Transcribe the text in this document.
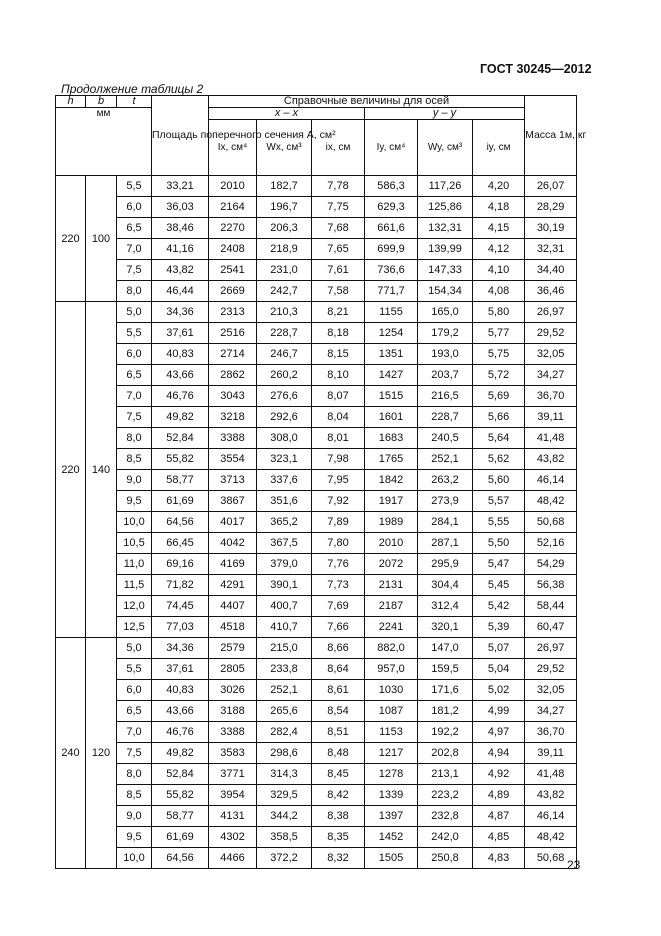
ГОСТ 30245—2012
Продолжение таблицы 2
h	b	t	Площадь поперечного сечения А, см²	Справочные величины для осей						Масса 1м, кг
мм				х – х			у – у			
				Ix, см⁴	Wx, см³	ix, см	Iy, см⁴	Wy, см³	iy, см	
220	100	5,5	33,21	2010	182,7	7,78	586,3	117,26	4,20	26,07
		6,0	36,03	2164	196,7	7,75	629,3	125,86	4,18	28,29
		6,5	38,46	2270	206,3	7,68	661,6	132,31	4,15	30,19
		7,0	41,16	2408	218,9	7,65	699,9	139,99	4,12	32,31
		7,5	43,82	2541	231,0	7,61	736,6	147,33	4,10	34,40
		8,0	46,44	2669	242,7	7,58	771,7	154,34	4,08	36,46
220	140	5,0	34,36	2313	210,3	8,21	1155	165,0	5,80	26,97
		5,5	37,61	2516	228,7	8,18	1254	179,2	5,77	29,52
		6,0	40,83	2714	246,7	8,15	1351	193,0	5,75	32,05
		6,5	43,66	2862	260,2	8,10	1427	203,7	5,72	34,27
		7,0	46,76	3043	276,6	8,07	1515	216,5	5,69	36,70
		7,5	49,82	3218	292,6	8,04	1601	228,7	5,66	39,11
		8,0	52,84	3388	308,0	8,01	1683	240,5	5,64	41,48
		8,5	55,82	3554	323,1	7,98	1765	252,1	5,62	43,82
		9,0	58,77	3713	337,6	7,95	1842	263,2	5,60	46,14
		9,5	61,69	3867	351,6	7,92	1917	273,9	5,57	48,42
		10,0	64,56	4017	365,2	7,89	1989	284,1	5,55	50,68
		10,5	66,45	4042	367,5	7,80	2010	287,1	5,50	52,16
		11,0	69,16	4169	379,0	7,76	2072	295,9	5,47	54,29
		11,5	71,82	4291	390,1	7,73	2131	304,4	5,45	56,38
		12,0	74,45	4407	400,7	7,69	2187	312,4	5,42	58,44
		12,5	77,03	4518	410,7	7,66	2241	320,1	5,39	60,47
240	120	5,0	34,36	2579	215,0	8,66	882,0	147,0	5,07	26,97
		5,5	37,61	2805	233,8	8,64	957,0	159,5	5,04	29,52
		6,0	40,83	3026	252,1	8,61	1030	171,6	5,02	32,05
		6,5	43,66	3188	265,6	8,54	1087	181,2	4,99	34,27
		7,0	46,76	3388	282,4	8,51	1153	192,2	4,97	36,70
		7,5	49,82	3583	298,6	8,48	1217	202,8	4,94	39,11
		8,0	52,84	3771	314,3	8,45	1278	213,1	4,92	41,48
		8,5	55,82	3954	329,5	8,42	1339	223,2	4,89	43,82
		9,0	58,77	4131	344,2	8,38	1397	232,8	4,87	46,14
		9,5	61,69	4302	358,5	8,35	1452	242,0	4,85	48,42
		10,0	64,56	4466	372,2	8,32	1505	250,8	4,83	50,68 23
